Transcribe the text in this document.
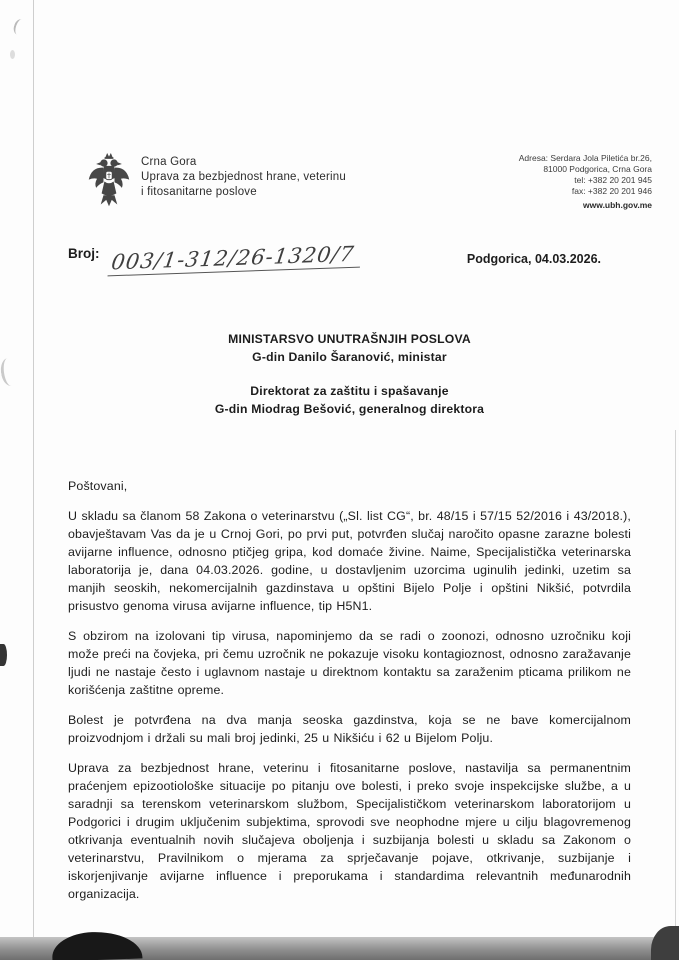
Crna Gora
Uprava za bezbjednost hrane, veterinu
i fitosanitarne poslove
Adresa: Serdara Jola Piletića br.26,
81000 Podgorica, Crna Gora
tel: +382 20 201 945
fax: +382 20 201 946
www.ubh.gov.me
$^{Broj:}$ 003/1-312/26-1320/7	Podgorica, 04.03.2026.
MINISTARSVO UNUTRAŠNJIH POSLOVA
G-din Danilo Šaranović, ministar
Direktorat za zaštitu i spašavanje
G-din Miodrag Bešović, generalnog direktora

Poštovani,

U skladu sa članom 58 Zakona o veterinarstvu („Sl. list CG“, br. 48/15 i 57/15 52/2016 i 43/2018.), obavještavam Vas da je u Crnoj Gori, po prvi put, potvrđen slučaj naročito opasne zarazne bolesti avijarne influence, odnosno ptičjeg gripa, kod domaće živine. Naime, Specijalistička veterinarska laboratorija je, dana 04.03.2026. godine, u dostavljenim uzorcima uginulih jedinki, uzetim sa manjih seoskih, nekomercijalnih gazdinstava u opštini Bijelo Polje i opštini Nikšić, potvrdila prisustvo genoma virusa avijarne influence, tip H5N1.

S obzirom na izolovani tip virusa, napominjemo da se radi o zoonozi, odnosno uzročniku koji može preći na čovjeka, pri čemu uzročnik ne pokazuje visoku kontagioznost, odnosno zaražavanje ljudi ne nastaje često i uglavnom nastaje u direktnom kontaktu sa zaraženim pticama prilikom ne korišćenja zaštitne opreme.

Bolest je potvrđena na dva manja seoska gazdinstva, koja se ne bave komercijalnom proizvodnjom i držali su mali broj jedinki, 25 u Nikšiću i 62 u Bijelom Polju.

Uprava za bezbjednost hrane, veterinu i fitosanitarne poslove, nastavilja sa permanentnim praćenjem epizootiološke situacije po pitanju ove bolesti, i preko svoje inspekcijske službe, a u saradnji sa terenskom veterinarskom službom, Specijalističkom veterinarskom laboratorijom u Podgorici i drugim uključenim subjektima, sprovodi sve neophodne mjere u cilju blagovremenog otkrivanja eventualnih novih slučajeva oboljenja i suzbijanja bolesti u skladu sa Zakonom o veterinarstvu, Pravilnikom o mjerama za sprječavanje pojave, otkrivanje, suzbijanje i iskorjenjivanje avijarne influence i preporukama i standardima relevantnih međunarodnih organizacija.
